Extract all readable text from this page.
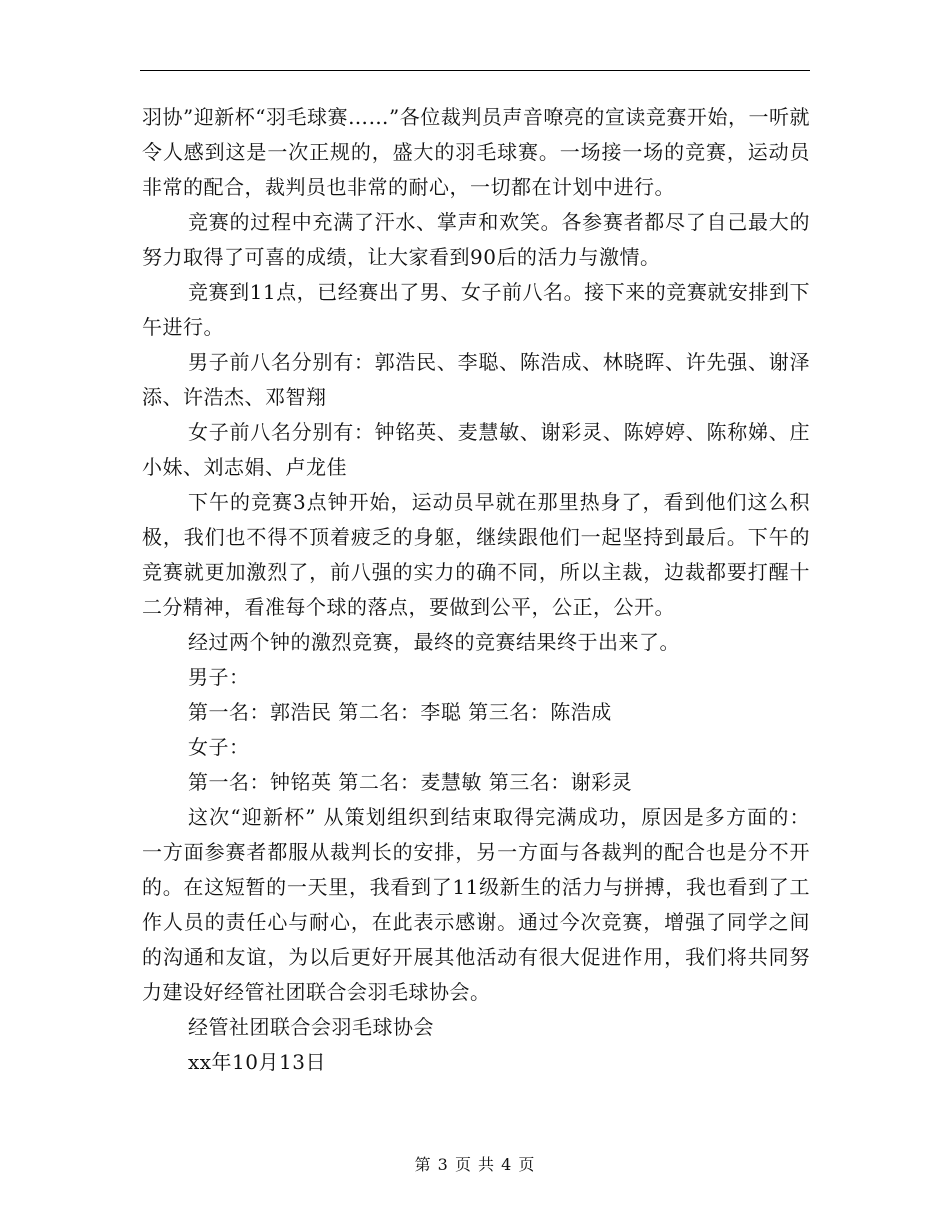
羽协”迎新杯“羽毛球赛……”各位裁判员声音嘹亮的宣读竞赛开始，一听就令人感到这是一次正规的，盛大的羽毛球赛。一场接一场的竞赛，运动员非常的配合，裁判员也非常的耐心，一切都在计划中进行。

竞赛的过程中充满了汗水、掌声和欢笑。各参赛者都尽了自己最大的努力取得了可喜的成绩，让大家看到90后的活力与激情。

竞赛到11点，已经赛出了男、女子前八名。接下来的竞赛就安排到下午进行。

男子前八名分别有：郭浩民、李聪、陈浩成、林晓晖、许先强、谢泽添、许浩杰、邓智翔

女子前八名分别有：钟铭英、麦慧敏、谢彩灵、陈婷婷、陈称娣、庄小妹、刘志娟、卢龙佳

下午的竞赛3点钟开始，运动员早就在那里热身了，看到他们这么积极，我们也不得不顶着疲乏的身躯，继续跟他们一起坚持到最后。下午的竞赛就更加激烈了，前八强的实力的确不同，所以主裁，边裁都要打醒十二分精神，看准每个球的落点，要做到公平，公正，公开。

经过两个钟的激烈竞赛，最终的竞赛结果终于出来了。

男子：

第一名：郭浩民 第二名：李聪 第三名：陈浩成

女子：

第一名：钟铭英 第二名：麦慧敏 第三名：谢彩灵

这次“迎新杯” 从策划组织到结束取得完满成功，原因是多方面的：一方面参赛者都服从裁判长的安排，另一方面与各裁判的配合也是分不开的。在这短暂的一天里，我看到了11级新生的活力与拼搏，我也看到了工作人员的责任心与耐心，在此表示感谢。通过今次竞赛，增强了同学之间的沟通和友谊，为以后更好开展其他活动有很大促进作用，我们将共同努力建设好经管社团联合会羽毛球协会。

经管社团联合会羽毛球协会

xx年10月13日

第 3 页 共 4 页
